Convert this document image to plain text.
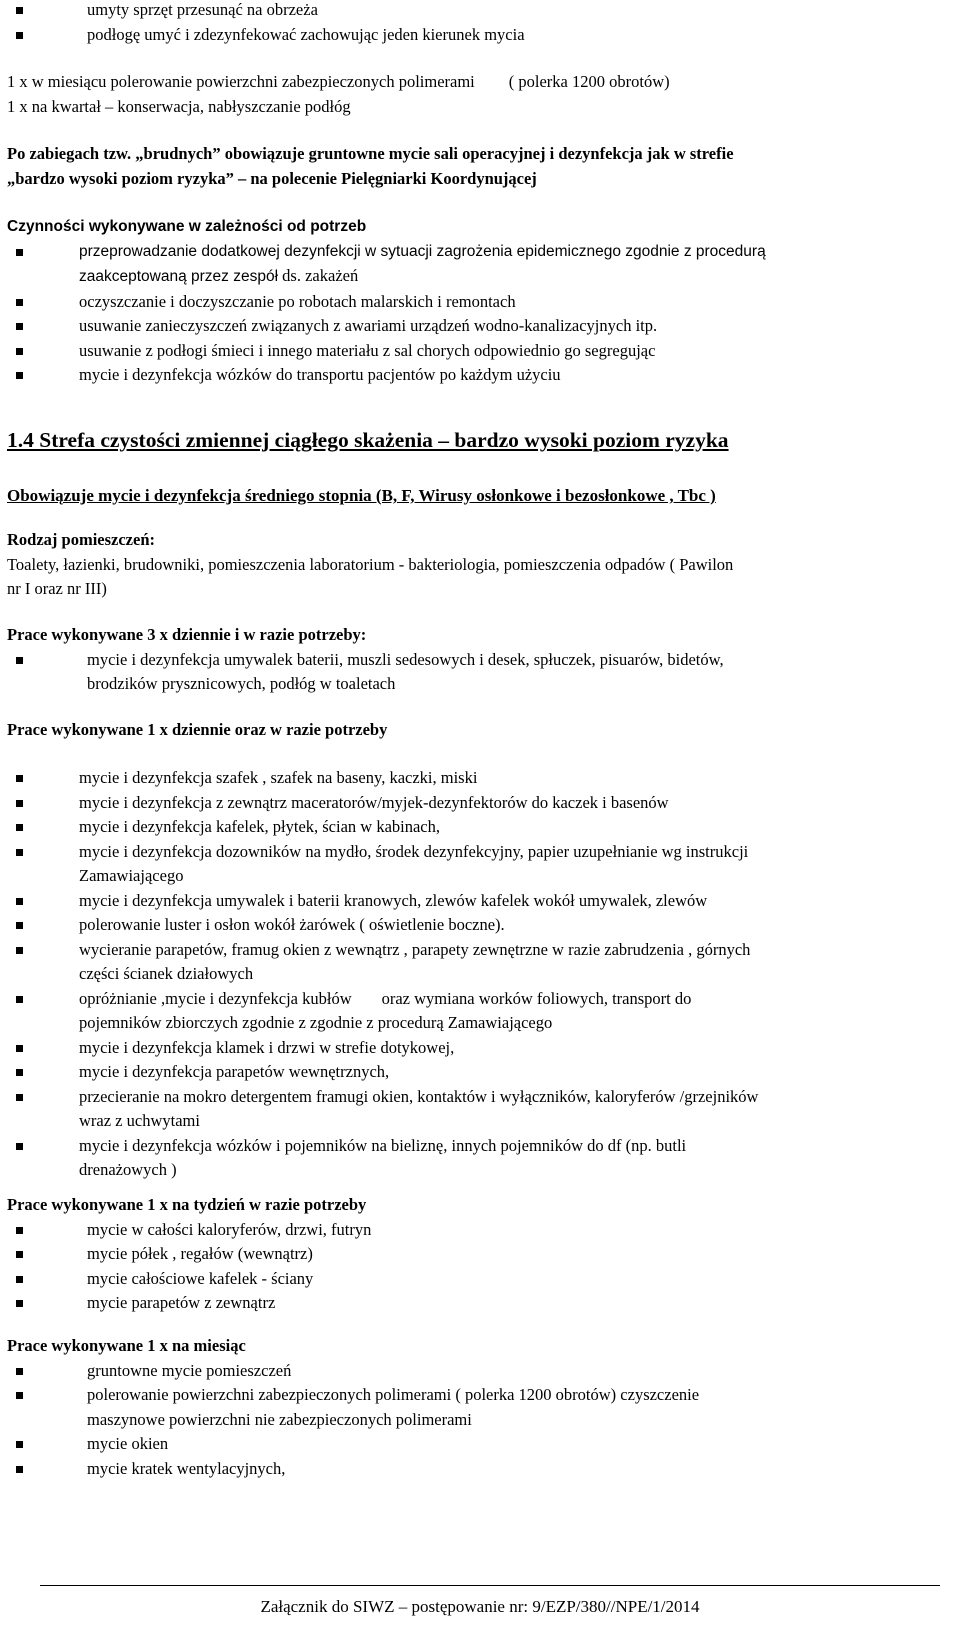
umyty sprzęt przesunąć na obrzeża
podłogę umyć i zdezynfekować zachowując jeden kierunek mycia
1 x w miesiącu polerowanie powierzchni zabezpieczonych polimerami ( polerka 1200 obrotów)
1 x na kwartał – konserwacja, nabłyszczanie podłóg
Po zabiegach tzw. „brudnych” obowiązuje gruntowne mycie sali operacyjnej i dezynfekcja jak w strefie
„bardzo wysoki poziom ryzyka” – na polecenie Pielęgniarki Koordynującej
Czynności wykonywane w zależności od potrzeb
przeprowadzanie dodatkowej dezynfekcji w sytuacji zagrożenia epidemicznego zgodnie z procedurą
zaakceptowaną przez zespół ds. zakażeń
oczyszczanie i doczyszczanie po robotach malarskich i remontach
usuwanie zanieczyszczeń związanych z awariami urządzeń wodno-kanalizacyjnych itp.
usuwanie z podłogi śmieci i innego materiału z sal chorych odpowiednio go segregując
mycie i dezynfekcja wózków do transportu pacjentów po każdym użyciu
1.4 Strefa czystości zmiennej ciągłego skażenia – bardzo wysoki poziom ryzyka
Obowiązuje mycie i dezynfekcja średniego stopnia (B, F, Wirusy osłonkowe i bezosłonkowe , Tbc )
Rodzaj pomieszczeń:
Toalety, łazienki, brudowniki, pomieszczenia laboratorium - bakteriologia, pomieszczenia odpadów ( Pawilon
nr I oraz nr III)
Prace wykonywane 3 x dziennie i w razie potrzeby:
mycie i dezynfekcja umywalek baterii, muszli sedesowych i desek, spłuczek, pisuarów, bidetów,
brodzików prysznicowych, podłóg w toaletach
Prace wykonywane 1 x dziennie oraz w razie potrzeby
mycie i dezynfekcja szafek , szafek na baseny, kaczki, miski
mycie i dezynfekcja z zewnątrz maceratorów/myjek-dezynfektorów do kaczek i basenów
mycie i dezynfekcja kafelek, płytek, ścian w kabinach,
mycie i dezynfekcja dozowników na mydło, środek dezynfekcyjny, papier uzupełnianie wg instrukcji
Zamawiającego
mycie i dezynfekcja umywalek i baterii kranowych, zlewów kafelek wokół umywalek, zlewów
polerowanie luster i osłon wokół żarówek ( oświetlenie boczne).
wycieranie parapetów, framug okien z wewnątrz , parapety zewnętrzne w razie zabrudzenia , górnych
części ścianek działowych
opróżnianie ,mycie i dezynfekcja kubłów oraz wymiana worków foliowych, transport do
pojemników zbiorczych zgodnie z zgodnie z procedurą Zamawiającego
mycie i dezynfekcja klamek i drzwi w strefie dotykowej,
mycie i dezynfekcja parapetów wewnętrznych,
przecieranie na mokro detergentem framugi okien, kontaktów i wyłączników, kaloryferów /grzejników
wraz z uchwytami
mycie i dezynfekcja wózków i pojemników na bieliznę, innych pojemników do df (np. butli
drenażowych )
Prace wykonywane 1 x na tydzień w razie potrzeby
mycie w całości kaloryferów, drzwi, futryn
mycie półek , regałów (wewnątrz)
mycie całościowe kafelek - ściany
mycie parapetów z zewnątrz
Prace wykonywane 1 x na miesiąc
gruntowne mycie pomieszczeń
polerowanie powierzchni zabezpieczonych polimerami ( polerka 1200 obrotów) czyszczenie
maszynowe powierzchni nie zabezpieczonych polimerami
mycie okien
mycie kratek wentylacyjnych,
Załącznik do SIWZ – postępowanie nr: 9/EZP/380//NPE/1/2014
